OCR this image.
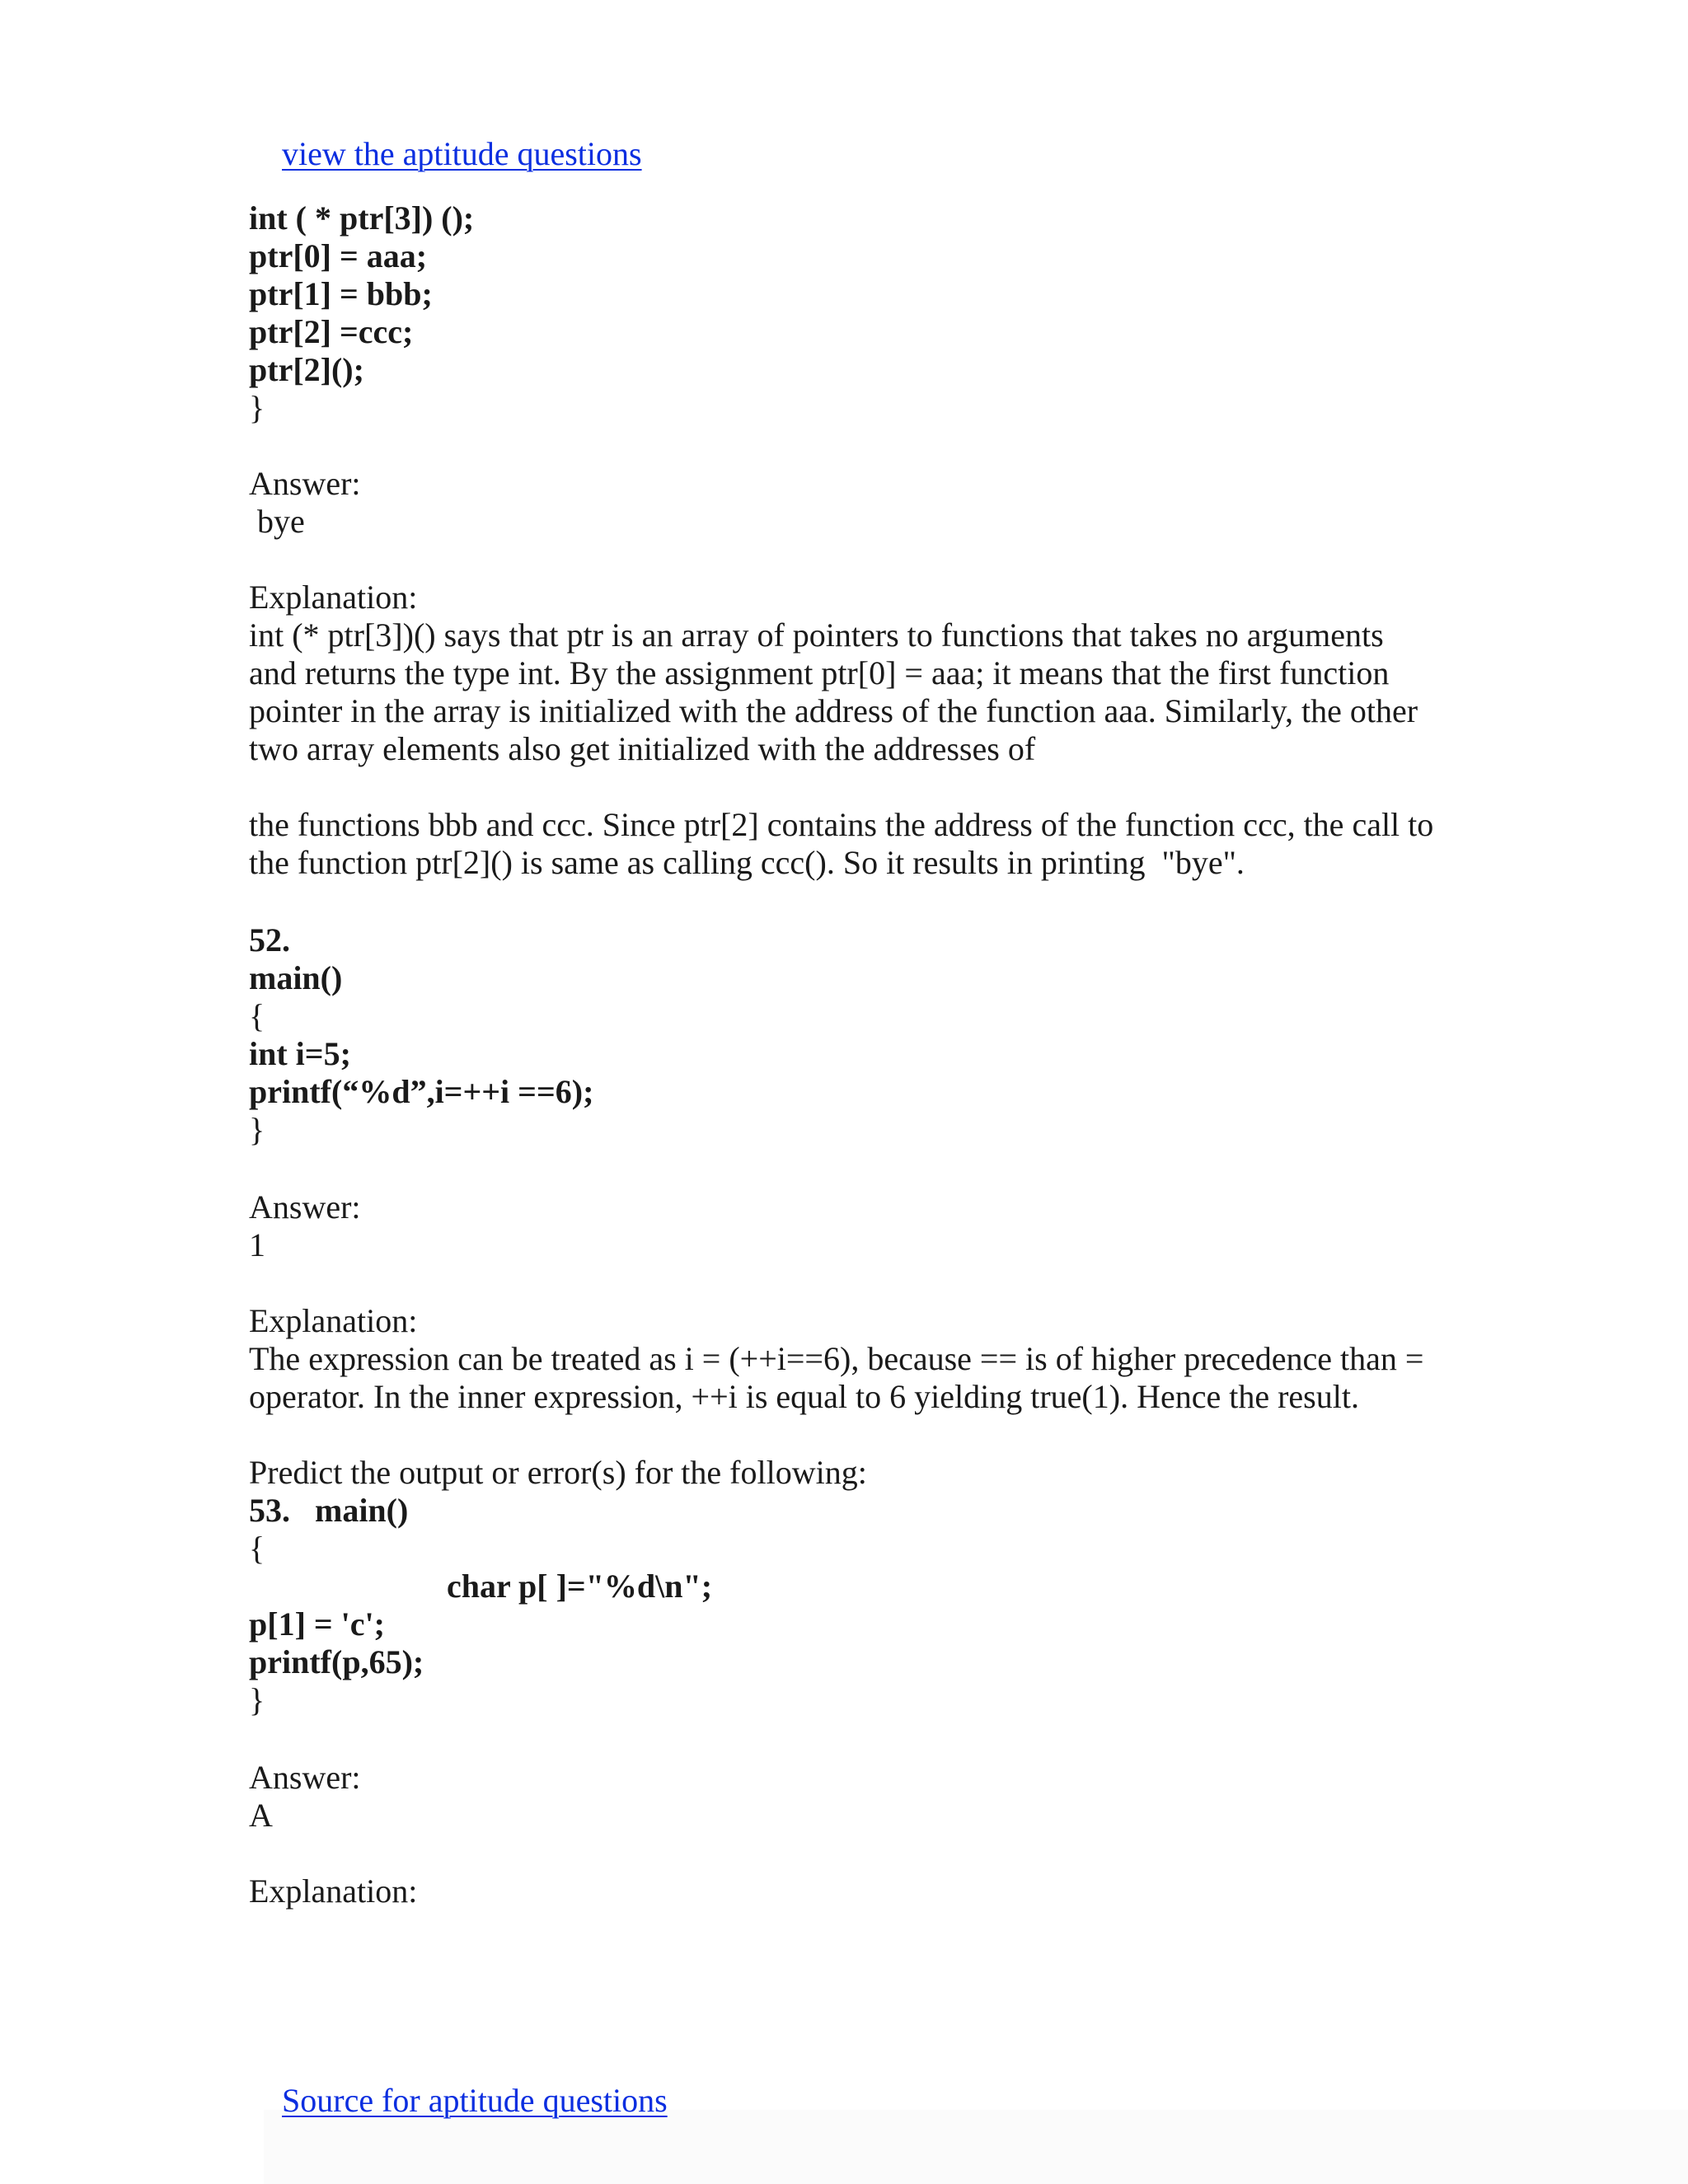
view the aptitude questions

int ( * ptr[3]) ();
ptr[0] = aaa;
ptr[1] = bbb;
ptr[2] =ccc;
ptr[2]();
}
Answer:
bye
Explanation:
int (* ptr[3])() says that ptr is an array of pointers to functions that takes no arguments
and returns the type int. By the assignment ptr[0] = aaa; it means that the first function
pointer in the array is initialized with the address of the function aaa. Similarly, the other
two array elements also get initialized with the addresses of
the functions bbb and ccc. Since ptr[2] contains the address of the function ccc, the call to
the function ptr[2]() is same as calling ccc(). So it results in printing  "bye".
52.
main()
{
int i=5;
printf(“%d”,i=++i ==6);
}
Answer:
1
Explanation:
The expression can be treated as i = (++i==6), because == is of higher precedence than =
operator. In the inner expression, ++i is equal to 6 yielding true(1). Hence the result.
Predict the output or error(s) for the following:
53.   main()
{
char p[ ]="%d\n";
p[1] = 'c';
printf(p,65);
}
Answer:
A
Explanation:

Source for aptitude questions
